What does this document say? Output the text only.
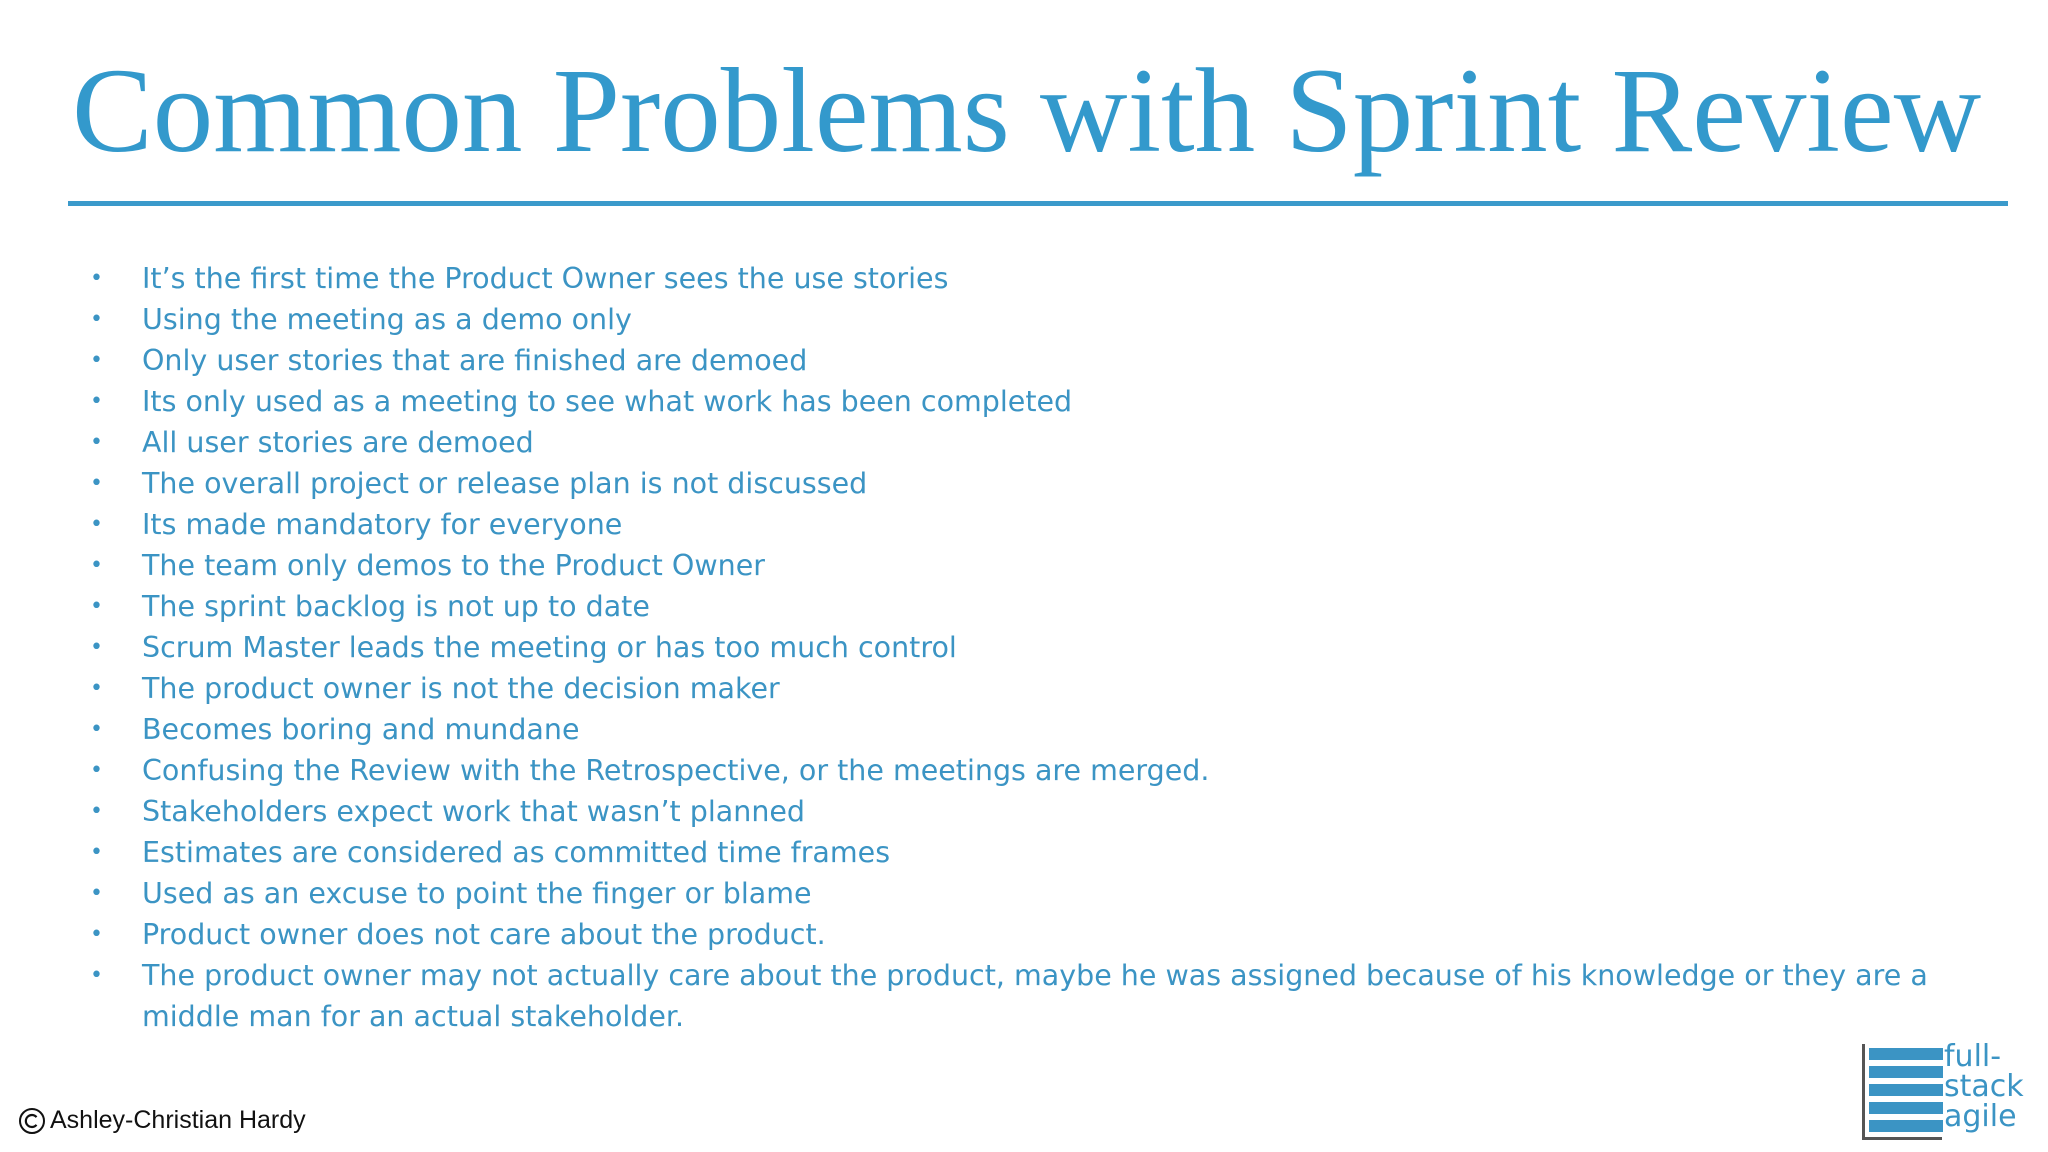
Common Problems with Sprint Review
•	It’s the first time the Product Owner sees the use stories
•	Using the meeting as a demo only
•	Only user stories that are finished are demoed
•	Its only used as a meeting to see what work has been completed
•	All user stories are demoed
•	The overall project or release plan is not discussed
•	Its made mandatory for everyone
•	The team only demos to the Product Owner
•	The sprint backlog is not up to date
•	Scrum Master leads the meeting or has too much control
•	The product owner is not the decision maker
•	Becomes boring and mundane
•	Confusing the Review with the Retrospective, or the meetings are merged.
•	Stakeholders expect work that wasn’t planned
•	Estimates are considered as committed time frames
•	Used as an excuse to point the finger or blame
•	Product owner does not care about the product.
•	The product owner may not actually care about the product, maybe he was assigned because of his knowledge or they are a middle man for an actual stakeholder.
Ashley-Christian Hardy
full-
stack
agile
